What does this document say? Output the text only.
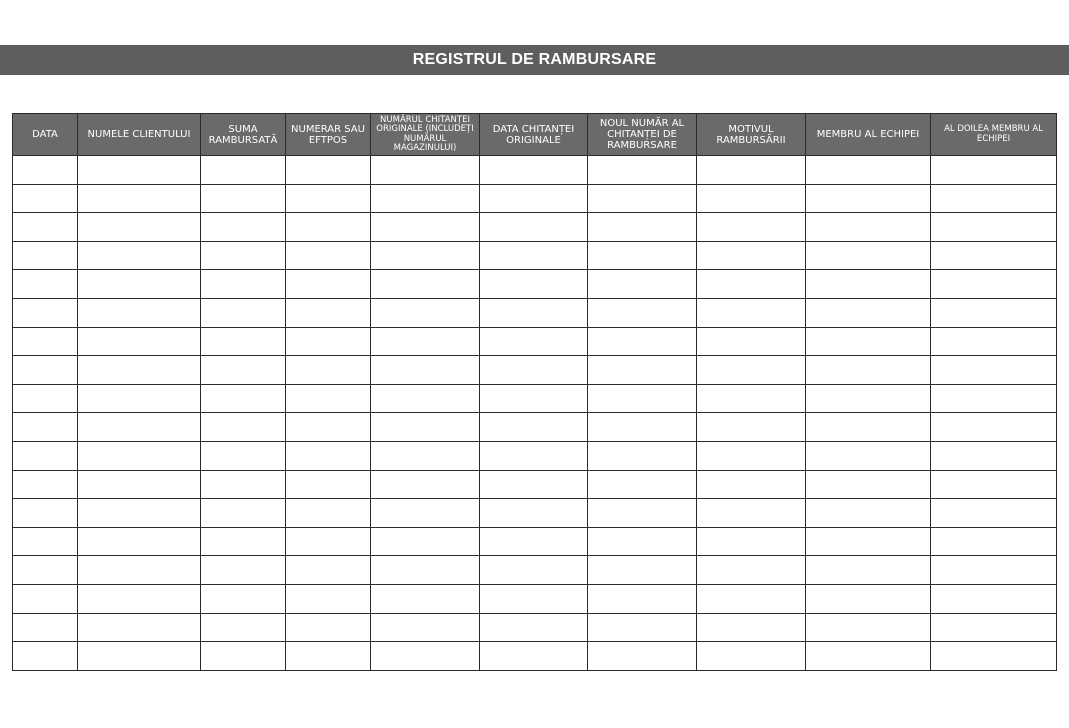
REGISTRUL DE RAMBURSARE
DATA	NUMELE CLIENTULUI	SUMA RAMBURSATĂ	NUMERAR SAU EFTPOS	NUMĂRUL CHITANȚEI ORIGINALE (INCLUDEȚI NUMĂRUL MAGAZINULUI)	DATA CHITANȚEI ORIGINALE	NOUL NUMĂR AL CHITANȚEI DE RAMBURSARE	MOTIVUL RAMBURSĂRII	MEMBRU AL ECHIPEI	AL DOILEA MEMBRU AL ECHIPEI
